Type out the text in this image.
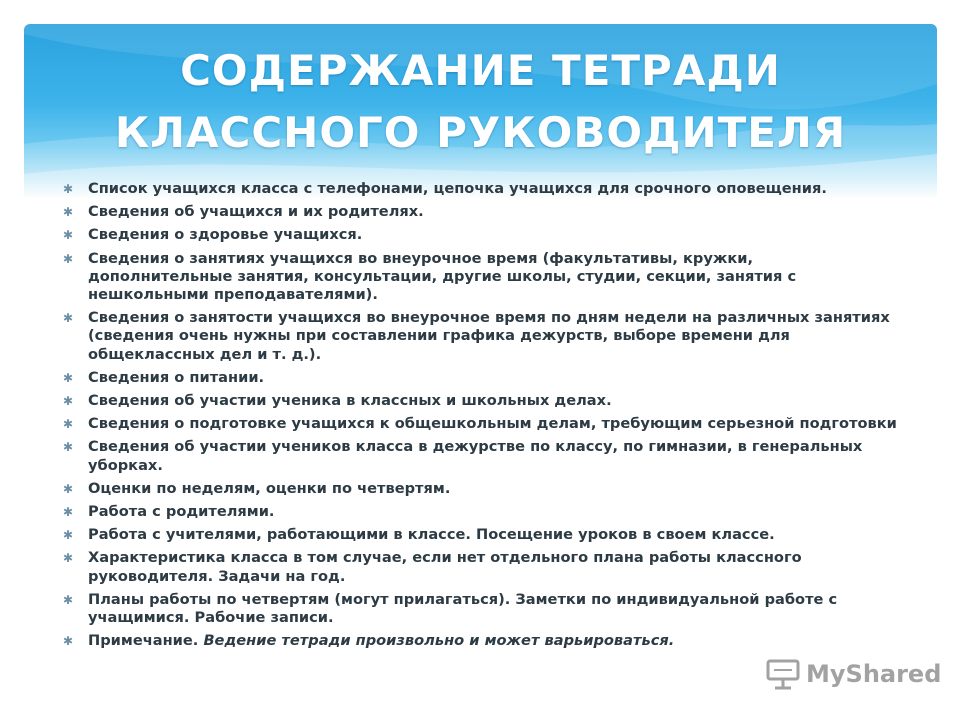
СОДЕРЖАНИЕ ТЕТРАДИ
КЛАССНОГО РУКОВОДИТЕЛЯ
✱ Список учащихся класса с телефонами, цепочка учащихся для срочного оповещения.
✱ Сведения об учащихся и их родителях.
✱ Сведения о здоровье учащихся.
✱ Сведения о занятиях учащихся во внеурочное время (факультативы, кружки, дополнительные занятия, консультации, другие школы, студии, секции, занятия с нешкольными преподавателями).
✱ Сведения о занятости учащихся во внеурочное время по дням недели на различных занятиях (сведения очень нужны при составлении графика дежурств, выборе времени для общеклассных дел и т. д.).
✱ Сведения о питании.
✱ Сведения об участии ученика в классных и школьных делах.
✱ Сведения о подготовке учащихся к общешкольным делам, требующим серьезной подготовки
✱ Сведения об участии учеников класса в дежурстве по классу, по гимназии, в генеральных уборках.
✱ Оценки по неделям, оценки по четвертям.
✱ Работа с родителями.
✱ Работа с учителями, работающими в классе. Посещение уроков в своем классе.
✱ Характеристика класса в том случае, если нет отдельного плана работы классного руководителя. Задачи на год.
✱ Планы работы по четвертям (могут прилагаться). Заметки по индивидуальной работе с учащимися. Рабочие записи.
✱ Примечание. Ведение тетради произвольно и может варьироваться.
MyShared
